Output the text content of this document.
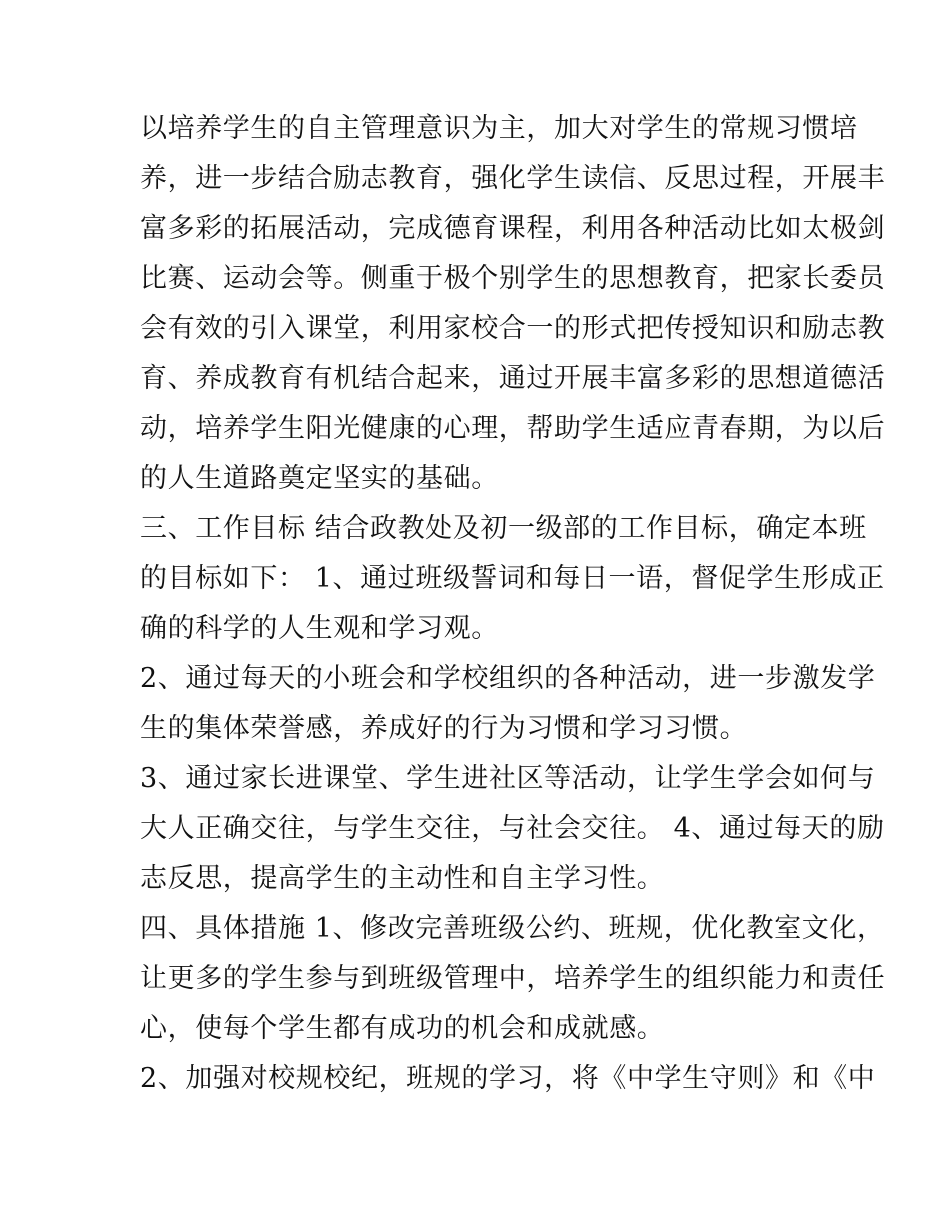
以培养学生的自主管理意识为主，加大对学生的常规习惯培
养，进一步结合励志教育，强化学生读信、反思过程，开展丰
富多彩的拓展活动，完成德育课程，利用各种活动比如太极剑
比赛、运动会等。侧重于极个别学生的思想教育，把家长委员
会有效的引入课堂，利用家校合一的形式把传授知识和励志教
育、养成教育有机结合起来，通过开展丰富多彩的思想道德活
动，培养学生阳光健康的心理，帮助学生适应青春期，为以后
的人生道路奠定坚实的基础。
三、工作目标 结合政教处及初一级部的工作目标，确定本班
的目标如下： 1、通过班级誓词和每日一语，督促学生形成正
确的科学的人生观和学习观。
2、通过每天的小班会和学校组织的各种活动，进一步激发学
生的集体荣誉感，养成好的行为习惯和学习习惯。
3、通过家长进课堂、学生进社区等活动，让学生学会如何与
大人正确交往，与学生交往，与社会交往。 4、通过每天的励
志反思，提高学生的主动性和自主学习性。
四、具体措施 1、修改完善班级公约、班规，优化教室文化，
让更多的学生参与到班级管理中，培养学生的组织能力和责任
心，使每个学生都有成功的机会和成就感。
2、加强对校规校纪，班规的学习，将《中学生守则》和《中
